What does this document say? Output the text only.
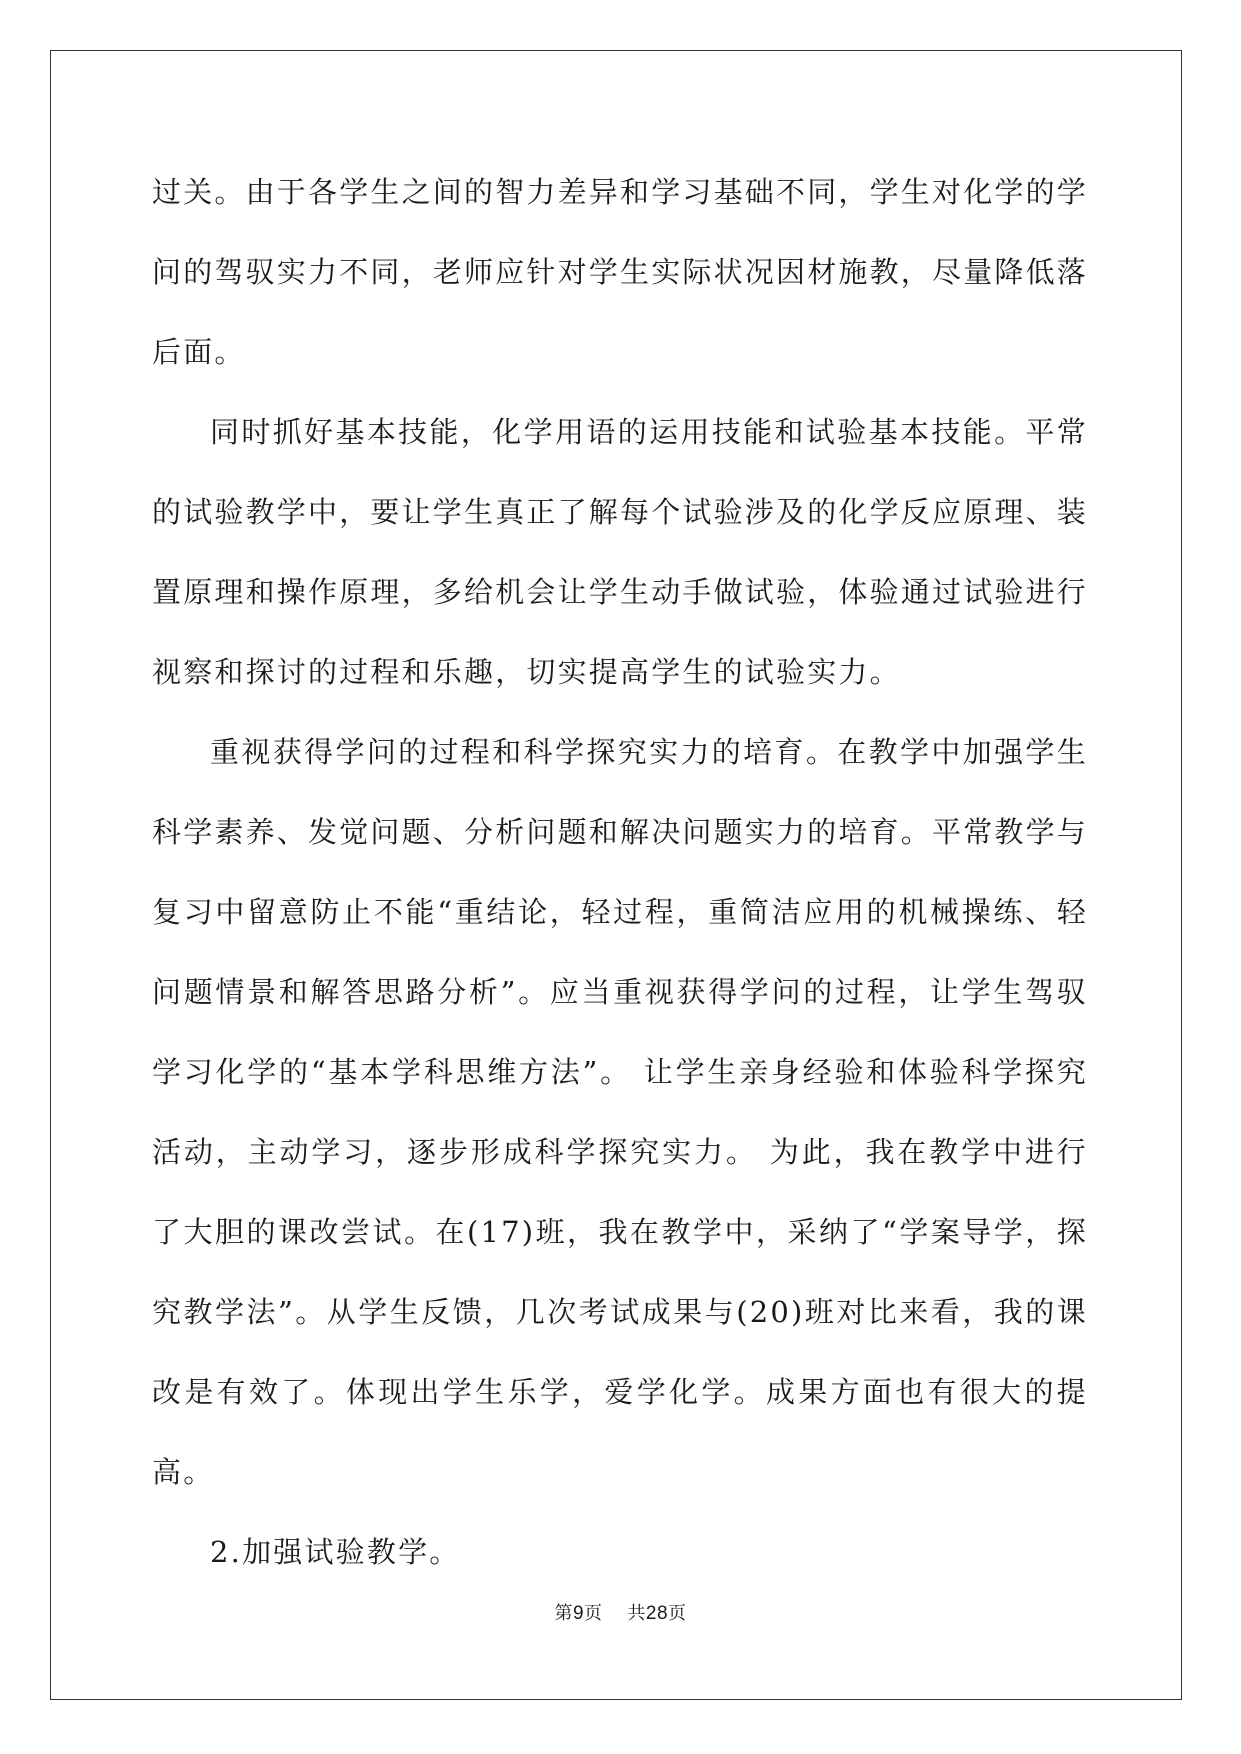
过关。由于各学生之间的智力差异和学习基础不同，学生对化学的学问的驾驭实力不同，老师应针对学生实际状况因材施教，尽量降低落后面。

同时抓好基本技能，化学用语的运用技能和试验基本技能。平常的试验教学中，要让学生真正了解每个试验涉及的化学反应原理、装置原理和操作原理，多给机会让学生动手做试验，体验通过试验进行视察和探讨的过程和乐趣，切实提高学生的试验实力。

重视获得学问的过程和科学探究实力的培育。在教学中加强学生科学素养、发觉问题、分析问题和解决问题实力的培育。平常教学与复习中留意防止不能“重结论，轻过程，重简洁应用的机械操练、轻问题情景和解答思路分析”。应当重视获得学问的过程，让学生驾驭学习化学的“基本学科思维方法”。 让学生亲身经验和体验科学探究活动，主动学习，逐步形成科学探究实力。 为此，我在教学中进行了大胆的课改尝试。在(17)班，我在教学中，采纳了“学案导学，探究教学法”。从学生反馈，几次考试成果与(20)班对比来看，我的课改是有效了。体现出学生乐学，爱学化学。成果方面也有很大的提高。

2.加强试验教学。

第9页 共28页
